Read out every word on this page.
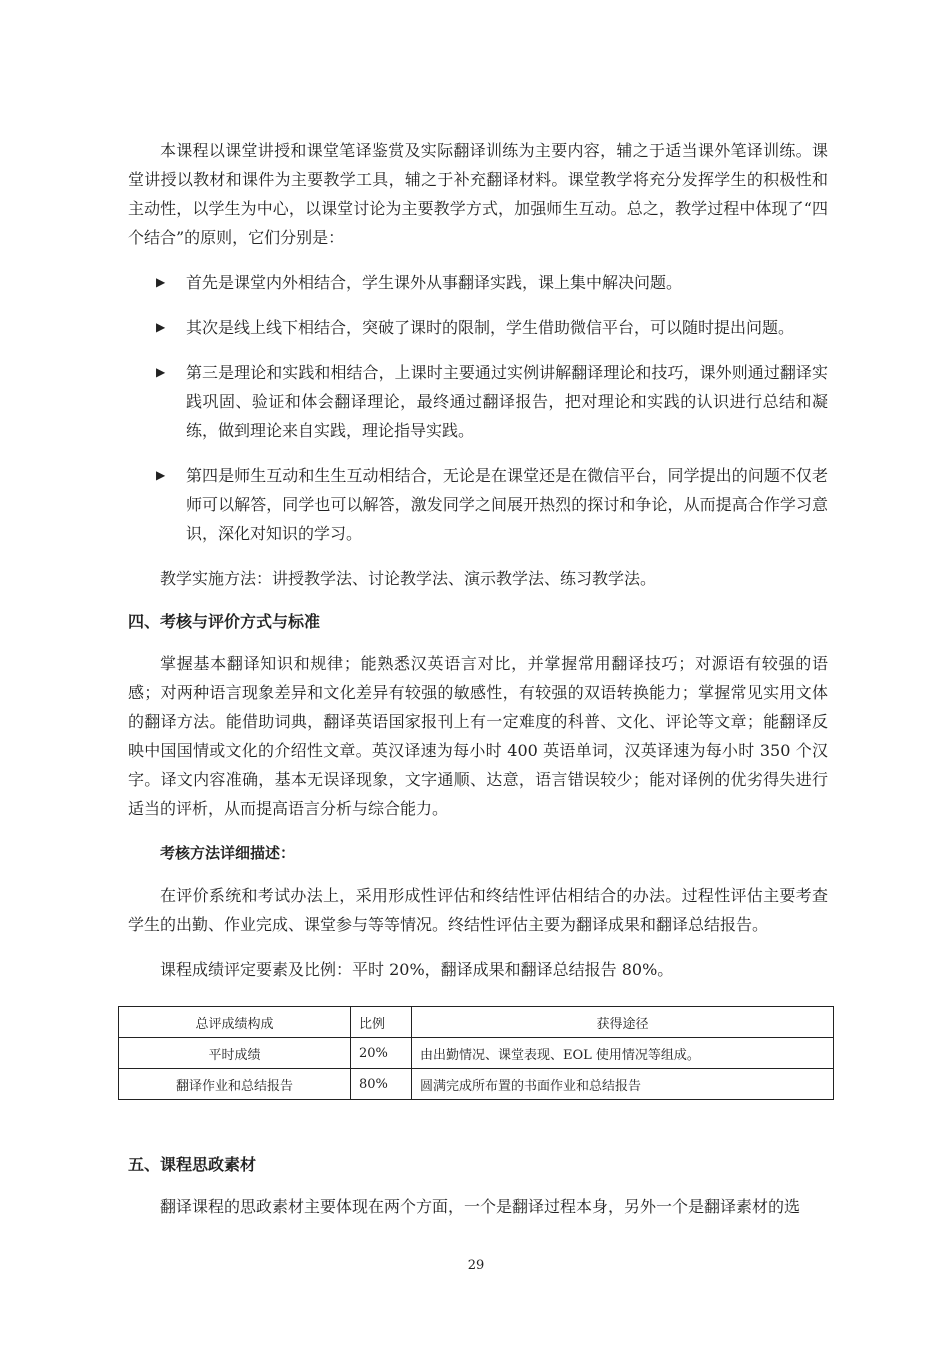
本课程以课堂讲授和课堂笔译鉴赏及实际翻译训练为主要内容，辅之于适当课外笔译训练。课堂讲授以教材和课件为主要教学工具，辅之于补充翻译材料。课堂教学将充分发挥学生的积极性和主动性，以学生为中心，以课堂讨论为主要教学方式，加强师生互动。总之，教学过程中体现了“四个结合”的原则，它们分别是：

▶ 首先是课堂内外相结合，学生课外从事翻译实践，课上集中解决问题。
▶ 其次是线上线下相结合，突破了课时的限制，学生借助微信平台，可以随时提出问题。
▶ 第三是理论和实践和相结合，上课时主要通过实例讲解翻译理论和技巧，课外则通过翻译实践巩固、验证和体会翻译理论，最终通过翻译报告，把对理论和实践的认识进行总结和凝练，做到理论来自实践，理论指导实践。
▶ 第四是师生互动和生生互动相结合，无论是在课堂还是在微信平台，同学提出的问题不仅老师可以解答，同学也可以解答，激发同学之间展开热烈的探讨和争论，从而提高合作学习意识，深化对知识的学习。

教学实施方法：讲授教学法、讨论教学法、演示教学法、练习教学法。

四、考核与评价方式与标准

掌握基本翻译知识和规律；能熟悉汉英语言对比，并掌握常用翻译技巧；对源语有较强的语感；对两种语言现象差异和文化差异有较强的敏感性，有较强的双语转换能力；掌握常见实用文体的翻译方法。能借助词典，翻译英语国家报刊上有一定难度的科普、文化、评论等文章；能翻译反映中国国情或文化的介绍性文章。英汉译速为每小时 400 英语单词，汉英译速为每小时 350 个汉字。译文内容准确，基本无误译现象，文字通顺、达意，语言错误较少；能对译例的优劣得失进行适当的评析，从而提高语言分析与综合能力。

考核方法详细描述：

在评价系统和考试办法上，采用形成性评估和终结性评估相结合的办法。过程性评估主要考查学生的出勤、作业完成、课堂参与等等情况。终结性评估主要为翻译成果和翻译总结报告。

课程成绩评定要素及比例：平时 20%，翻译成果和翻译总结报告 80%。

总评成绩构成	比例	获得途径
平时成绩	20%	由出勤情况、课堂表现、EOL 使用情况等组成。
翻译作业和总结报告	80%	圆满完成所布置的书面作业和总结报告
五、课程思政素材

翻译课程的思政素材主要体现在两个方面，一个是翻译过程本身，另外一个是翻译素材的选

29
